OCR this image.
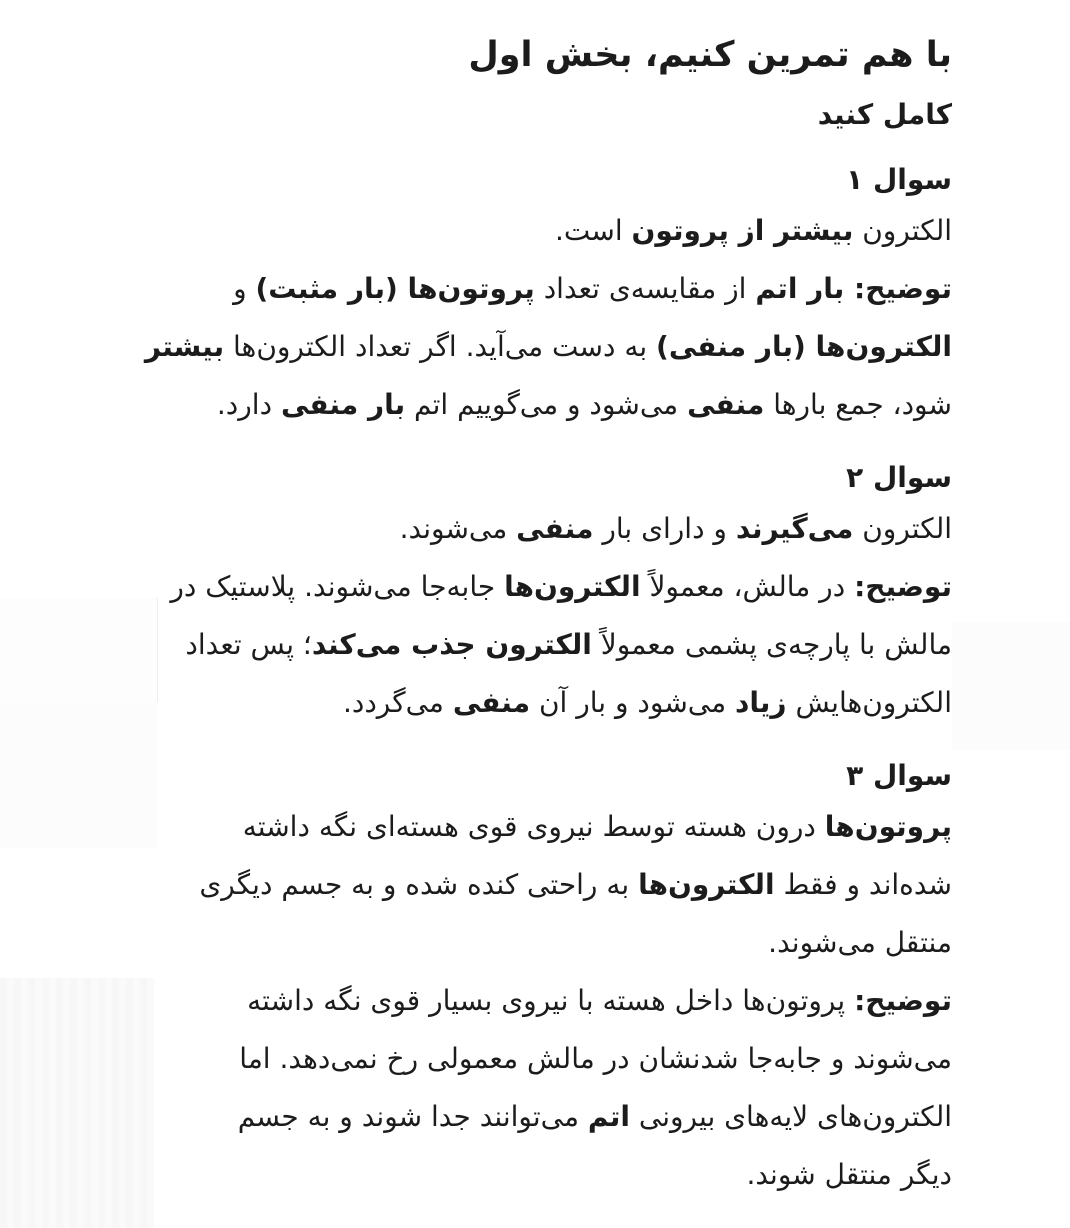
با هم تمرین کنیم، بخش اول
کامل کنید
سوال ۱
الکترون بیشتر از پروتون است.
توضیح: بار اتم از مقایسه‌ی تعداد پروتون‌ها (بار مثبت) و
الکترون‌ها (بار منفی) به دست می‌آید. اگر تعداد الکترون‌ها بیشتر
شود، جمع بارها منفی می‌شود و می‌گوییم اتم بار منفی دارد.
سوال ۲
الکترون می‌گیرند و دارای بار منفی می‌شوند.
توضیح: در مالش، معمولاً الکترون‌ها جابه‌جا می‌شوند. پلاستیک در
مالش با پارچه‌ی پشمی معمولاً الکترون جذب می‌کند؛ پس تعداد
الکترون‌هایش زیاد می‌شود و بار آن منفی می‌گردد.
سوال ۳
پروتون‌ها درون هسته توسط نیروی قوی هسته‌ای نگه داشته
شده‌اند و فقط الکترون‌ها به راحتی کنده شده و به جسم دیگری
منتقل می‌شوند.
توضیح: پروتون‌ها داخل هسته با نیروی بسیار قوی نگه داشته
می‌شوند و جابه‌جا شدنشان در مالش معمولی رخ نمی‌دهد. اما
الکترون‌های لایه‌های بیرونی اتم می‌توانند جدا شوند و به جسم
دیگر منتقل شوند.
